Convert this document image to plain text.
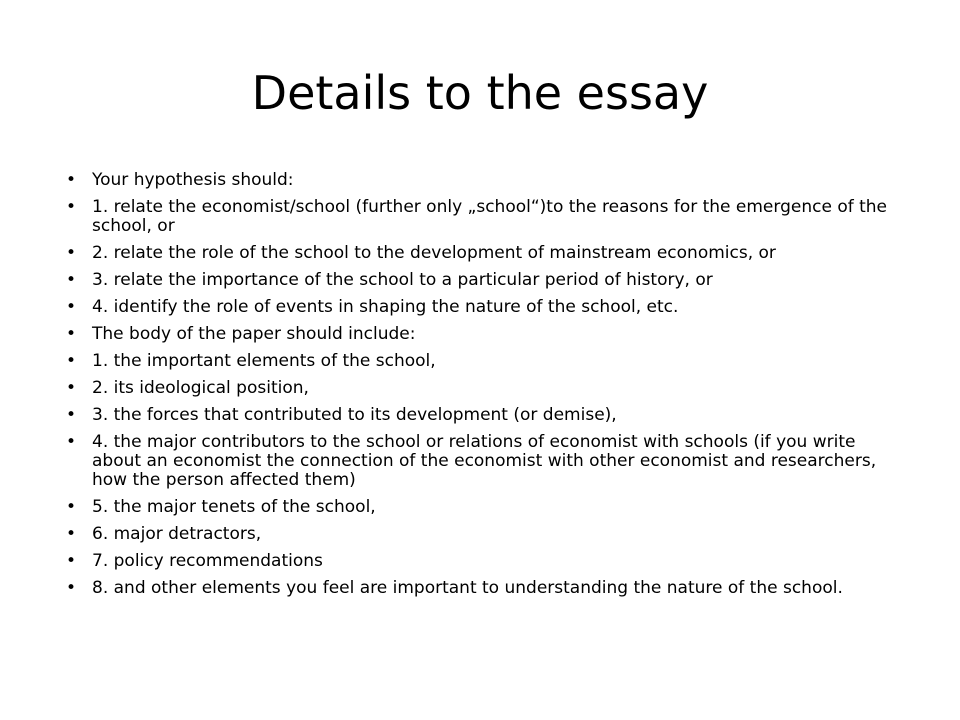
Details to the essay
• Your hypothesis should:
• 1. relate the economist/school (further only „school“)to the reasons for the emergence of the school, or
• 2. relate the role of the school to the development of mainstream economics, or
• 3. relate the importance of the school to a particular period of history, or
• 4. identify the role of events in shaping the nature of the school, etc.
• The body of the paper should include:
• 1. the important elements of the school,
• 2. its ideological position,
• 3. the forces that contributed to its development (or demise),
• 4. the major contributors to the school or relations of economist with schools (if you write about an economist the connection of the economist with other economist and researchers, how the person affected them)
• 5. the major tenets of the school,
• 6. major detractors,
• 7. policy recommendations
• 8. and other elements you feel are important to understanding the nature of the school.
